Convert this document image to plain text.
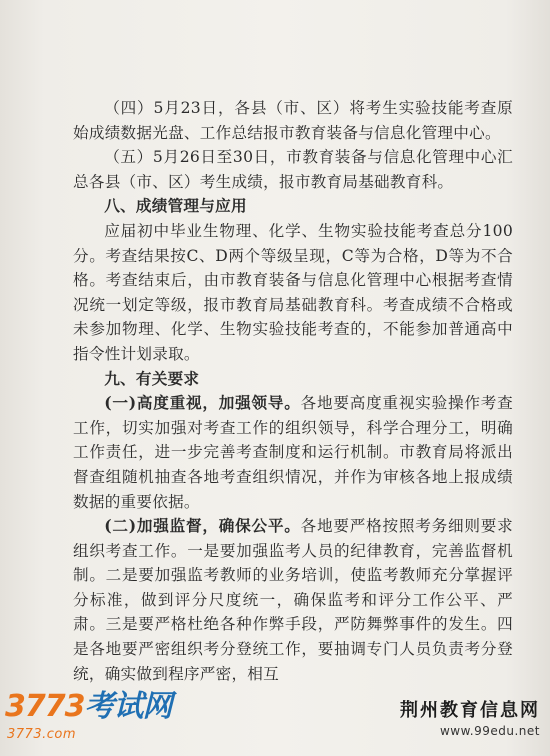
（四）5月23日，各县（市、区）将考生实验技能考查原始成绩数据光盘、工作总结报市教育装备与信息化管理中心。

（五）5月26日至30日，市教育装备与信息化管理中心汇总各县（市、区）考生成绩，报市教育局基础教育科。

八、成绩管理与应用

应届初中毕业生物理、化学、生物实验技能考查总分100分。考查结果按C、D两个等级呈现，C等为合格，D等为不合格。考查结束后，由市教育装备与信息化管理中心根据考查情况统一划定等级，报市教育局基础教育科。考查成绩不合格或未参加物理、化学、生物实验技能考查的，不能参加普通高中指令性计划录取。

九、有关要求

(一)高度重视，加强领导。各地要高度重视实验操作考查工作，切实加强对考查工作的组织领导，科学合理分工，明确工作责任，进一步完善考查制度和运行机制。市教育局将派出督查组随机抽查各地考查组织情况，并作为审核各地上报成绩数据的重要依据。

(二)加强监督，确保公平。各地要严格按照考务细则要求组织考查工作。一是要加强监考人员的纪律教育，完善监督机制。二是要加强监考教师的业务培训，使监考教师充分掌握评分标准，做到评分尺度统一，确保监考和评分工作公平、严肃。三是要严格杜绝各种作弊手段，严防舞弊事件的发生。四是各地要严密组织考分登统工作，要抽调专门人员负责考分登统，确实做到程序严密，相互

3773考试网
3773.com
荆州教育信息网
www.99edu.net
